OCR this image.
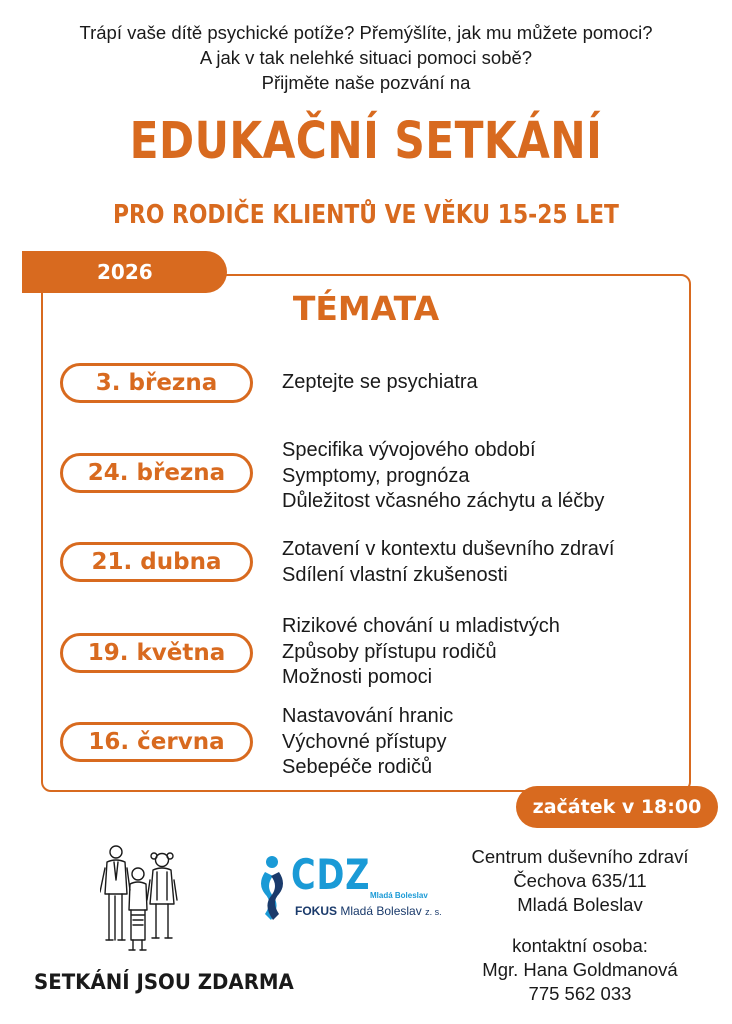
Trápí vaše dítě psychické potíže? Přemýšlíte, jak mu můžete pomoci?
A jak v tak nelehké situaci pomoci sobě?
Přijměte naše pozvání na
EDUKAČNÍ SETKÁNÍ
PRO RODIČE KLIENTŮ VE VĚKU 15-25 LET
2026
TÉMATA
3. března	Zeptejte se psychiatra
24. března
Specifika vývojového období
Symptomy, prognóza
Důležitost včasného záchytu a léčby
21. dubna	Zotavení v kontextu duševního zdraví
Sdílení vlastní zkušenosti
19. května
Rizikové chování u mladistvých
Způsoby přístupu rodičů
Možnosti pomoci
16. června
Nastavování hranic
Výchovné přístupy
Sebepéče rodičů
začátek v 18:00
CDZ Mladá Boleslav
FOKUS Mladá Boleslav z. s.
Centrum duševního zdraví
Čechova 635/11
Mladá Boleslav
kontaktní osoba:
Mgr. Hana Goldmanová
775 562 033
SETKÁNÍ JSOU ZDARMA
